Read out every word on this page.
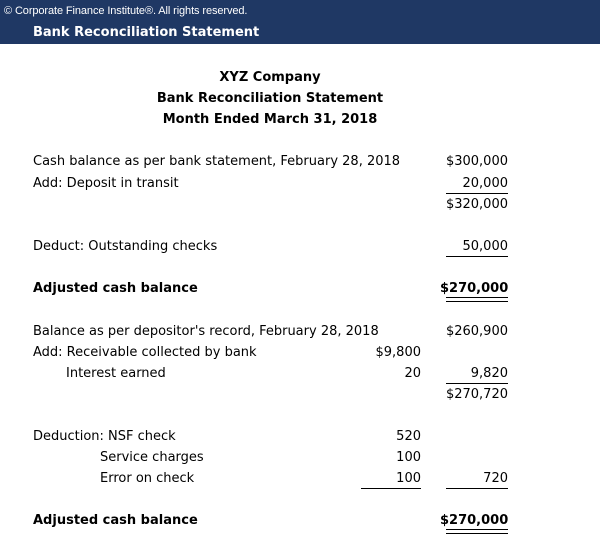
© Corporate Finance Institute®. All rights reserved.
Bank Reconciliation Statement
XYZ Company
Bank Reconciliation Statement
Month Ended March 31, 2018
Cash balance as per bank statement, February 28, 2018	$300,000
Add: Deposit in transit	20,000
$320,000
Deduct: Outstanding checks	50,000
Adjusted cash balance	$270,000
Balance as per depositor's record, February 28, 2018	$260,900
Add: Receivable collected by bank	$9,800
Interest earned	20	9,820
$270,720
Deduction: NSF check	520
Service charges	100
Error on check	100	720
Adjusted cash balance	$270,000
